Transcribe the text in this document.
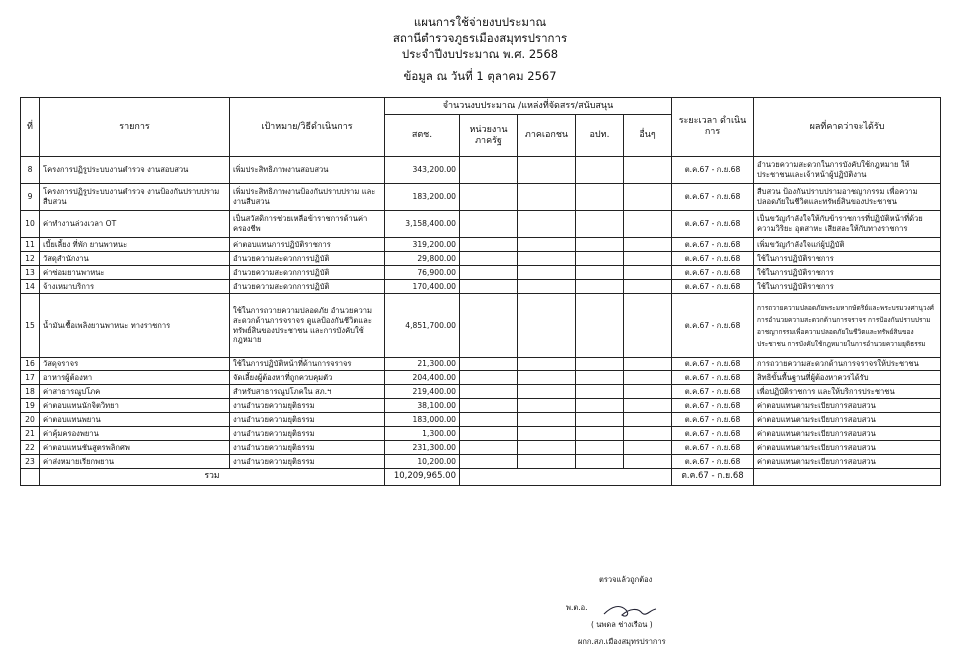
แผนการใช้จ่ายงบประมาณ
สถานีตำรวจภูธรเมืองสมุทรปราการ
ประจำปีงบประมาณ พ.ศ. 2568
ข้อมูล ณ วันที่ 1 ตุลาคม 2567
ที่	รายการ	เป้าหมาย/วิธีดำเนินการ	จำนวนงบประมาณ /แหล่งที่จัดสรร/สนับสนุน					ระยะเวลา ดำเนินการ	ผลที่คาดว่าจะได้รับ
			สตช.	หน่วยงาน ภาครัฐ	ภาคเอกชน	อปท.	อื่นๆ		
8	โครงการปฏิรูประบบงานตำรวจ งานสอบสวน	เพิ่มประสิทธิภาพงานสอบสวน	343,200.00					ต.ค.67 - ก.ย.68	อำนวยความสะดวกในการบังคับใช้กฎหมาย ให้ประชาชนและเจ้าหน้าผู้ปฏิบัติงาน
9	โครงการปฏิรูประบบงานตำรวจ งานป้องกันปราบปราม สืบสวน	เพิ่มประสิทธิภาพงานป้องกันปราบปราม และงานสืบสวน	183,200.00					ต.ค.67 - ก.ย.68	สืบสวน ป้องกันปราบปรามอาชญากรรม เพื่อความปลอดภัยในชีวิตและทรัพย์สินของประชาชน
10	ค่าทำงานล่วงเวลา OT	เป็นสวัสดิการช่วยเหลือข้าราชการด้านค่าครองชีพ	3,158,400.00					ต.ค.67 - ก.ย.68	เป็นขวัญกำลังใจให้กับข้าราชการที่ปฏิบัติหน้าที่ด้วยความวิริยะ อุตสาหะ เสียสละให้กับทางราชการ
11	เบี้ยเลี้ยง ที่พัก ยานพาหนะ	ค่าตอบแทนการปฏิบัติราชการ	319,200.00					ต.ค.67 - ก.ย.68	เพิ่มขวัญกำลังใจแก่ผู้ปฏิบัติ
12	วัสดุสำนักงาน	อำนวยความสะดวกการปฏิบัติ	29,800.00					ต.ค.67 - ก.ย.68	ใช้ในการปฏิบัติราชการ
13	ค่าซ่อมยานพาหนะ	อำนวยความสะดวกการปฏิบัติ	76,900.00					ต.ค.67 - ก.ย.68	ใช้ในการปฏิบัติราชการ
14	จ้างเหมาบริการ	อำนวยความสะดวกการปฏิบัติ	170,400.00					ต.ค.67 - ก.ย.68	ใช้ในการปฏิบัติราชการ
15	น้ำมันเชื้อเพลิงยานพาหนะ ทางราชการ	ใช้ในการถวายความปลอดภัย อำนวยความสะดวกด้านการจราจร ดูแลป้องกันชีวิตและทรัพย์สินของประชาชน และการบังคับใช้กฎหมาย	4,851,700.00					ต.ค.67 - ก.ย.68	การถวายความปลอดภัยพระมหากษัตริย์และพระบรมวงศานุวงศ์ การอำนวยความสะดวกด้านการจราจร การป้องกันปราบปรามอาชญากรรมเพื่อความปลอดภัยในชีวิตและทรัพย์สินของประชาชน การบังคับใช้กฎหมายในการอำนวยความยุติธรรม
16	วัสดุจราจร	ใช้ในการปฏิบัติหน้าที่ด้านการจราจร	21,300.00					ต.ค.67 - ก.ย.68	การถวายความสะดวกด้านการจราจรให้ประชาชน
17	อาหารผู้ต้องหา	จัดเลี้ยงผู้ต้องหาที่ถูกควบคุมตัว	204,400.00					ต.ค.67 - ก.ย.68	สิทธิขั้นพื้นฐานที่ผู้ต้องหาควรได้รับ
18	ค่าสาธารณูปโภค	สำหรับสาธารณูปโภคใน สภ.ฯ	219,400.00					ต.ค.67 - ก.ย.68	เพื่อปฏิบัติราชการ และให้บริการประชาชน
19	ค่าตอบแทนนักจิตวิทยา	งานอำนวยความยุติธรรม	38,100.00					ต.ค.67 - ก.ย.68	ค่าตอบแทนตามระเบียบการสอบสวน
20	ค่าตอบแทนพยาน	งานอำนวยความยุติธรรม	183,000.00					ต.ค.67 - ก.ย.68	ค่าตอบแทนตามระเบียบการสอบสวน
21	ค่าคุ้มครองพยาน	งานอำนวยความยุติธรรม	1,300.00					ต.ค.67 - ก.ย.68	ค่าตอบแทนตามระเบียบการสอบสวน
22	ค่าตอบแทนชันสูตรพลิกศพ	งานอำนวยความยุติธรรม	231,300.00					ต.ค.67 - ก.ย.68	ค่าตอบแทนตามระเบียบการสอบสวน
23	ค่าส่งหมายเรียกพยาน	งานอำนวยความยุติธรรม	10,200.00					ต.ค.67 - ก.ย.68	ค่าตอบแทนตามระเบียบการสอบสวน
	รวม		10,209,965.00					ต.ค.67 - ก.ย.68	
ตรวจแล้วถูกต้อง
พ.ต.อ.
( นพดล ช่างเรือน )
ผกก.สภ.เมืองสมุทรปราการ
